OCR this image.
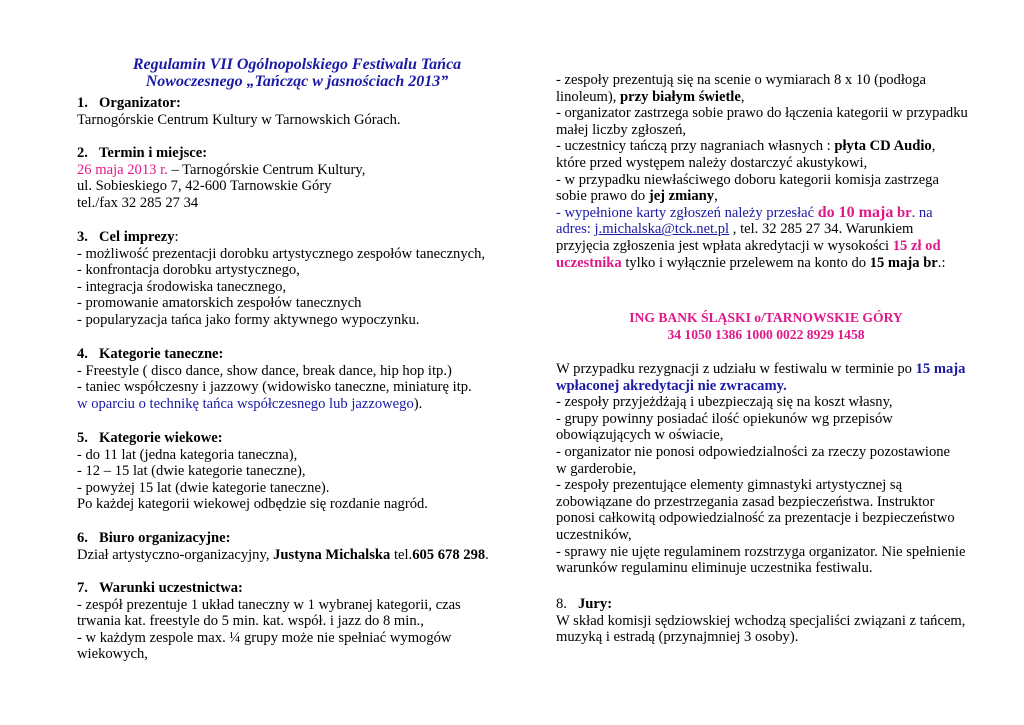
Regulamin VII Ogólnopolskiego Festiwalu Tańca
Nowoczesnego „Tańcząc w jasnościach 2013”
1. Organizator:
Tarnogórskie Centrum Kultury w Tarnowskich Górach.
2. Termin i miejsce:
26 maja 2013 r. – Tarnogórskie Centrum Kultury,
ul. Sobieskiego 7, 42-600 Tarnowskie Góry
tel./fax 32 285 27 34
3. Cel imprezy:
- możliwość prezentacji dorobku artystycznego zespołów tanecznych,
- konfrontacja dorobku artystycznego,
- integracja środowiska tanecznego,
- promowanie amatorskich zespołów tanecznych
- popularyzacja tańca jako formy aktywnego wypoczynku.
4. Kategorie taneczne:
- Freestyle ( disco dance, show dance, break dance, hip hop itp.)
- taniec współczesny i jazzowy (widowisko taneczne, miniaturę itp.
w oparciu o technikę tańca współczesnego lub jazzowego).
5. Kategorie wiekowe:
- do 11 lat (jedna kategoria taneczna),
- 12 – 15 lat (dwie kategorie taneczne),
- powyżej 15 lat (dwie kategorie taneczne).
Po każdej kategorii wiekowej odbędzie się rozdanie nagród.
6. Biuro organizacyjne:
Dział artystyczno-organizacyjny, Justyna Michalska tel.605 678 298.
7. Warunki uczestnictwa:
- zespół prezentuje 1 układ taneczny w 1 wybranej kategorii, czas
trwania kat. freestyle do 5 min. kat. współ. i jazz do 8 min.,
- w każdym zespole max. ¼ grupy może nie spełniać wymogów
wiekowych,
- zespoły prezentują się na scenie o wymiarach 8 x 10 (podłoga
linoleum), przy białym świetle,
- organizator zastrzega sobie prawo do łączenia kategorii w przypadku
małej liczby zgłoszeń,
- uczestnicy tańczą przy nagraniach własnych : płyta CD Audio,
które przed występem należy dostarczyć akustykowi,
- w przypadku niewłaściwego doboru kategorii komisja zastrzega
sobie prawo do jej zmiany,
- wypełnione karty zgłoszeń należy przesłać do 10 maja br. na
adres: j.michalska@tck.net.pl , tel. 32 285 27 34. Warunkiem
przyjęcia zgłoszenia jest wpłata akredytacji w wysokości 15 zł od
uczestnika tylko i wyłącznie przelewem na konto do 15 maja br.:
ING BANK ŚLĄSKI o/TARNOWSKIE GÓRY
34 1050 1386 1000 0022 8929 1458
W przypadku rezygnacji z udziału w festiwalu w terminie po 15 maja
wpłaconej akredytacji nie zwracamy.
- zespoły przyjeżdżają i ubezpieczają się na koszt własny,
- grupy powinny posiadać ilość opiekunów wg przepisów
obowiązujących w oświacie,
- organizator nie ponosi odpowiedzialności za rzeczy pozostawione
w garderobie,
- zespoły prezentujące elementy gimnastyki artystycznej są
zobowiązane do przestrzegania zasad bezpieczeństwa. Instruktor
ponosi całkowitą odpowiedzialność za prezentacje i bezpieczeństwo
uczestników,
- sprawy nie ujęte regulaminem rozstrzyga organizator. Nie spełnienie
warunków regulaminu eliminuje uczestnika festiwalu.
8. Jury:
W skład komisji sędziowskiej wchodzą specjaliści związani z tańcem,
muzyką i estradą (przynajmniej 3 osoby).
